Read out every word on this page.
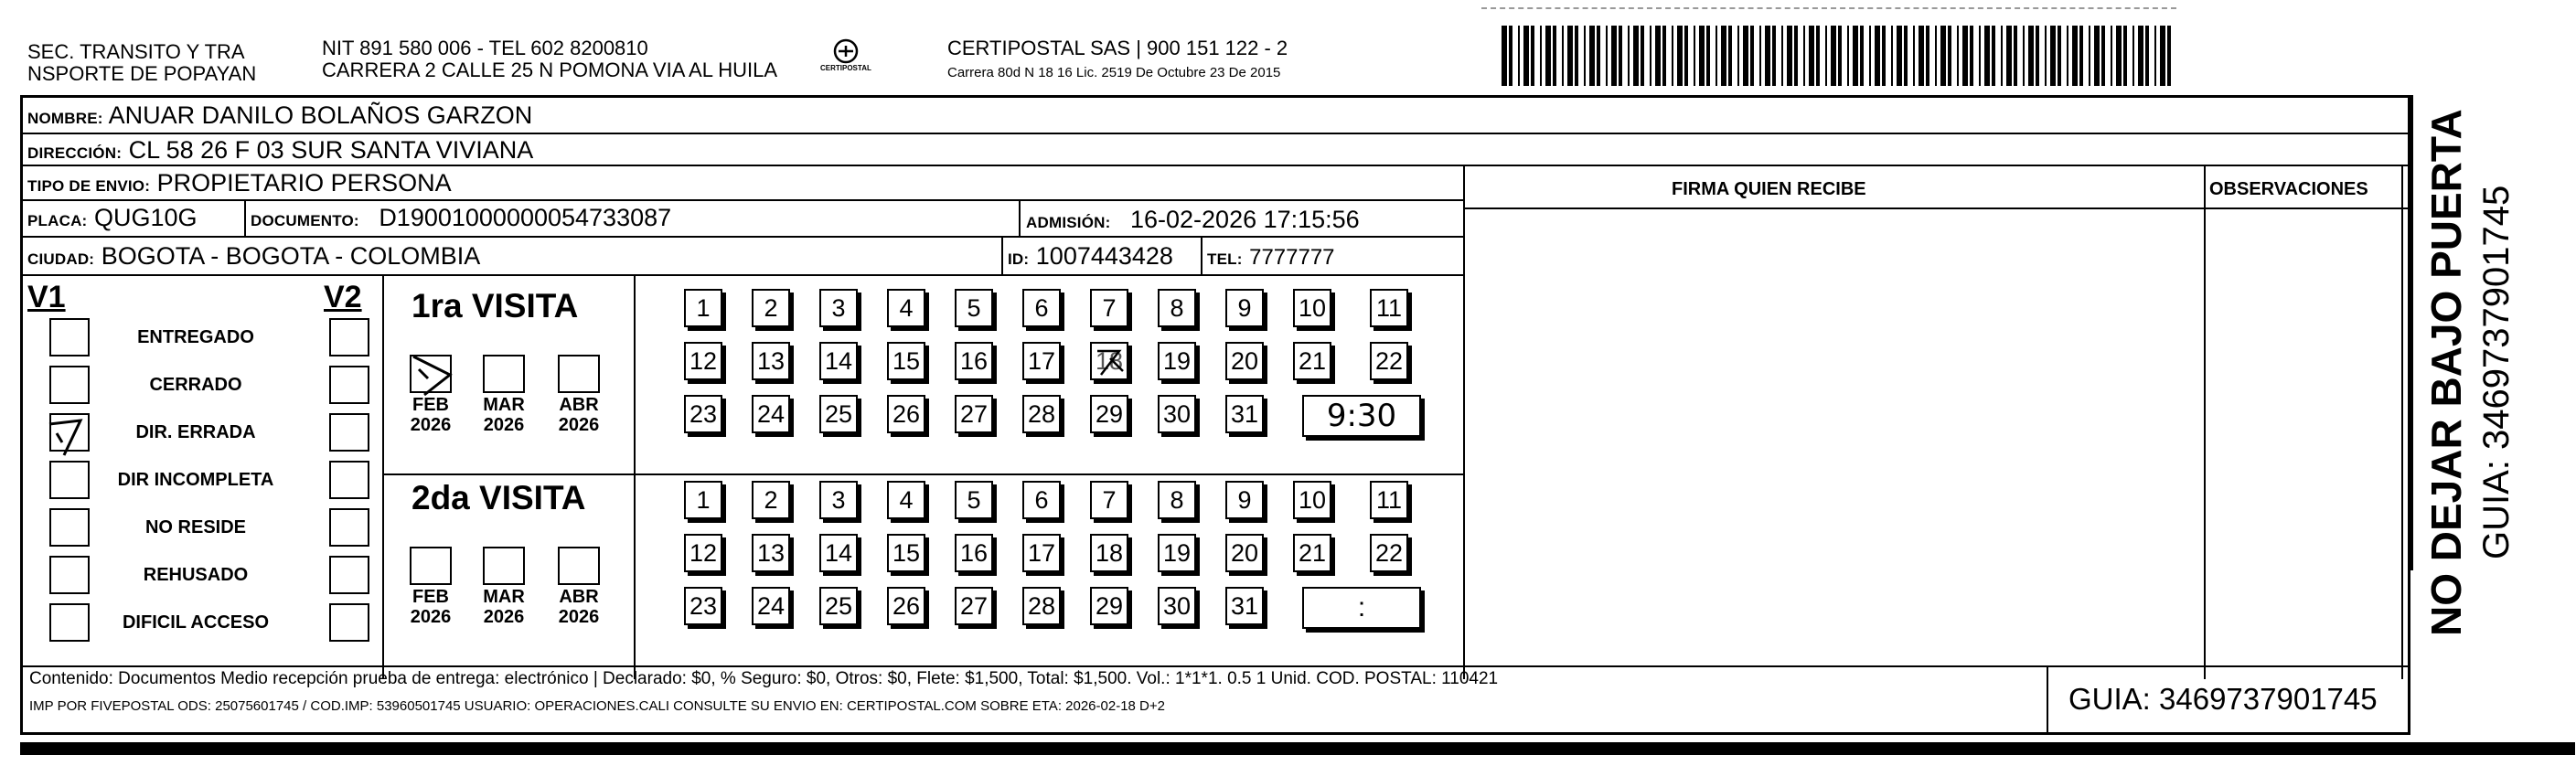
SEC. TRANSITO Y TRA
NSPORTE DE POPAYAN
NIT 891 580 006 - TEL 602 8200810
CARRERA 2 CALLE 25 N POMONA VIA AL HUILA	CERTIPOSTAL
CERTIPOSTAL SAS | 900 151 122 - 2
Carrera 80d N 18 16 Lic. 2519 De Octubre 23 De 2015
NOMBRE: ANUAR DANILO BOLAÑOS GARZON
DIRECCIÓN: CL 58 26 F 03 SUR SANTA VIVIANA
TIPO DE ENVIO: PROPIETARIO PERSONA
PLACA: QUG10G	DOCUMENTO: D19001000000054733087	ADMISIÓN: 16-02-2026 17:15:56
CIUDAD: BOGOTA - BOGOTA - COLOMBIA	ID: 1007443428 TEL: 7777777
FIRMA QUIEN RECIBE	OBSERVACIONES
V1	V2
ENTREGADO
CERRADO
DIR. ERRADA
DIR INCOMPLETA
NO RESIDE
REHUSADO
DIFICIL ACCESO
1ra VISITA
2da VISITA
FEB
2026
MAR
2026
ABR
2026
1	2	3	4	5	6	7	8	9	10 11
12 13 14 15 16 17 18 19 20 21 22
23 24 25 26 27 28 29 30 31	9:30
FEB
2026
MAR
2026
ABR
2026
1	2	3	4	5	6	7	8	9	10 11
12 13 14 15 16 17 18 19 20 21 22
23 24 25 26 27 28 29 30 31	:
Contenido: Documentos Medio recepción prueba de entrega: electrónico | Declarado: $0, % Seguro: $0, Otros: $0, Flete: $1,500, Total: $1,500. Vol.: 1*1*1. 0.5 1 Unid. COD. POSTAL: 110421
IMP POR FIVEPOSTAL ODS: 25075601745 / COD.IMP: 53960501745 USUARIO: OPERACIONES.CALI CONSULTE SU ENVIO EN: CERTIPOSTAL.COM SOBRE ETA: 2026-02-18 D+2	GUIA: 3469737901745
NO DEJAR BAJO PUERTA GUIA: 3469737901745
